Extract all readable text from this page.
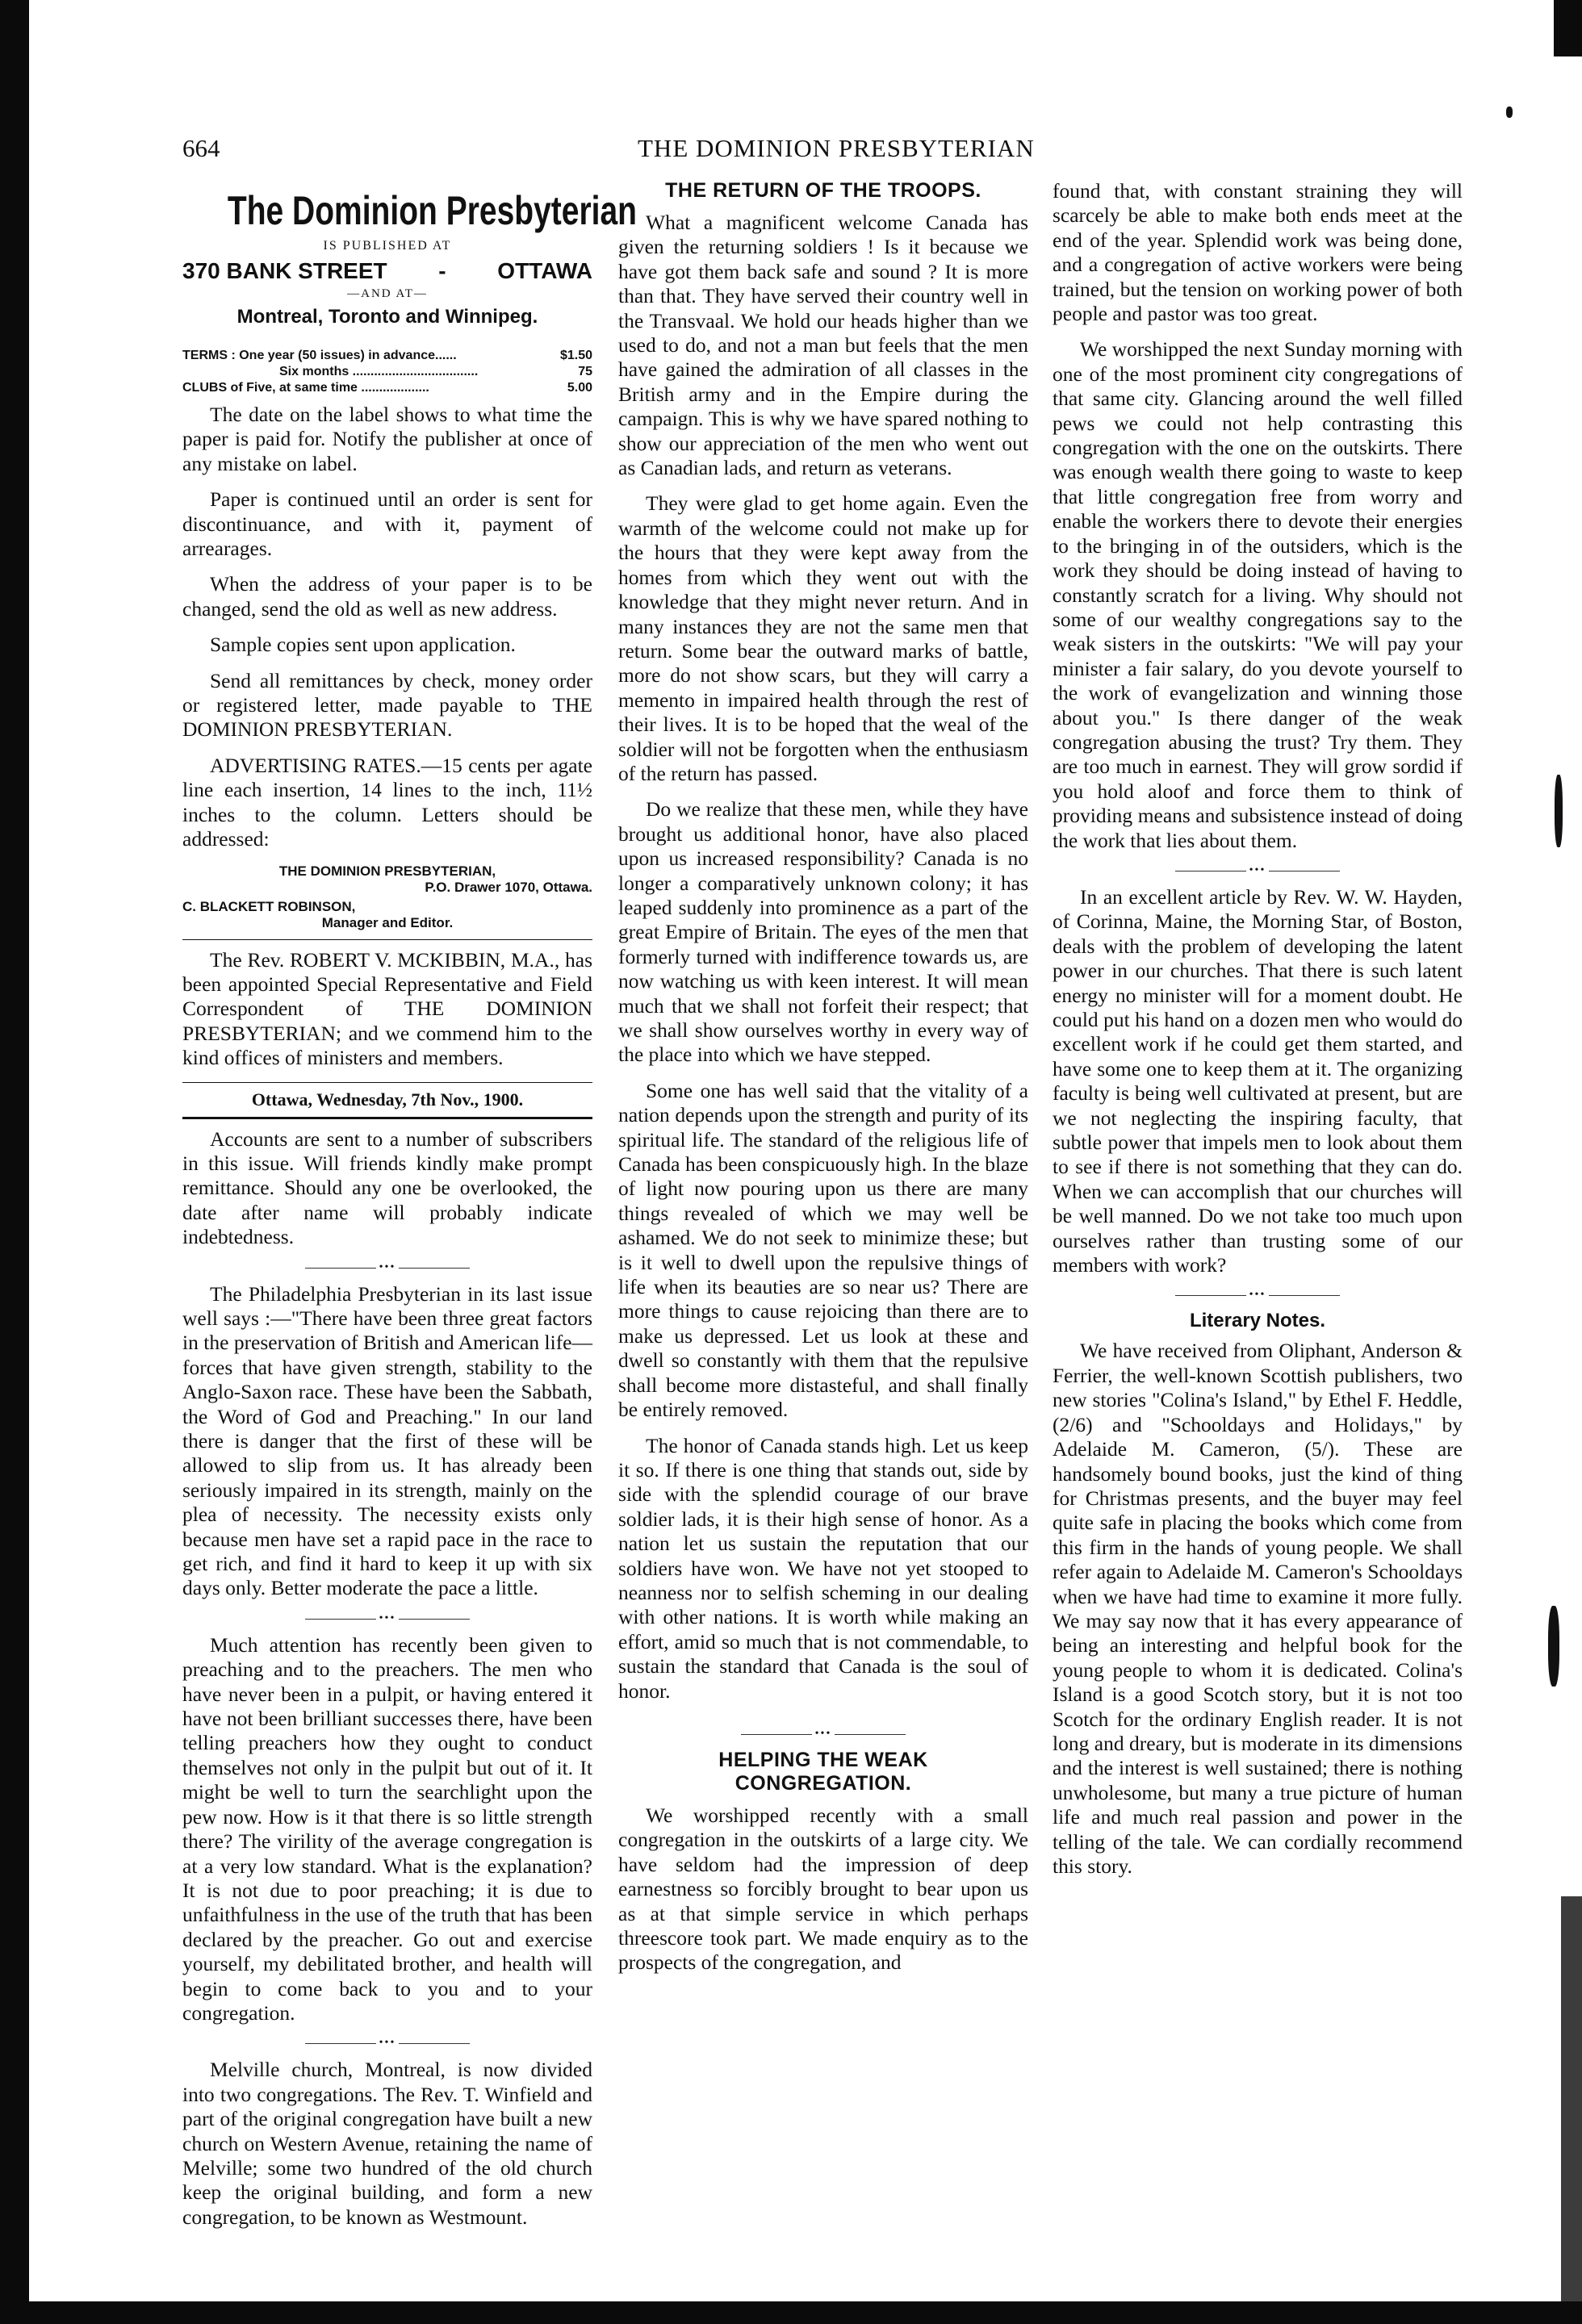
664	THE DOMINION PRESBYTERIAN
The Dominion Presbyterian
IS PUBLISHED AT
370 BANK STREET - OTTAWA
—AND AT—
Montreal, Toronto and Winnipeg.
TERMS : One year (50 issues) in advance......	$1.50
Six months ...................................	75
CLUBS of Five, at same time ...................	5.00

The date on the label shows to what time the paper is paid for. Notify the publisher at once of any mistake on label.

Paper is continued until an order is sent for discontinuance, and with it, payment of arrearages.

When the address of your paper is to be changed, send the old as well as new address.

Sample copies sent upon application.

Send all remittances by check, money order or registered letter, made payable to THE DOMINION PRESBYTERIAN.

ADVERTISING RATES.—15 cents per agate line each insertion, 14 lines to the inch, 11½ inches to the column. Letters should be addressed:

THE DOMINION PRESBYTERIAN,
P.O. Drawer 1070, Ottawa.
C. BLACKETT ROBINSON,
Manager and Editor.

The Rev. ROBERT V. MCKIBBIN, M.A., has been appointed Special Representative and Field Correspondent of THE DOMINION PRESBYTERIAN; and we commend him to the kind offices of ministers and members.

Ottawa, Wednesday, 7th Nov., 1900.

Accounts are sent to a number of subscribers in this issue. Will friends kindly make prompt remittance. Should any one be overlooked, the date after name will probably indicate indebtedness.

•••

The Philadelphia Presbyterian in its last issue well says :—"There have been three great factors in the preservation of British and American life—forces that have given strength, stability to the Anglo-Saxon race. These have been the Sabbath, the Word of God and Preaching." In our land there is danger that the first of these will be allowed to slip from us. It has already been seriously impaired in its strength, mainly on the plea of necessity. The necessity exists only because men have set a rapid pace in the race to get rich, and find it hard to keep it up with six days only. Better moderate the pace a little.

•••

Much attention has recently been given to preaching and to the preachers. The men who have never been in a pulpit, or having entered it have not been brilliant successes there, have been telling preachers how they ought to conduct themselves not only in the pulpit but out of it. It might be well to turn the searchlight upon the pew now. How is it that there is so little strength there? The virility of the average congregation is at a very low standard. What is the explanation? It is not due to poor preaching; it is due to unfaithfulness in the use of the truth that has been declared by the preacher. Go out and exercise yourself, my debilitated brother, and health will begin to come back to you and to your congregation.

•••

Melville church, Montreal, is now divided into two congregations. The Rev. T. Winfield and part of the original congregation have built a new church on Western Avenue, retaining the name of Melville; some two hundred of the old church keep the original building, and form a new congregation, to be known as Westmount.

THE RETURN OF THE TROOPS.

What a magnificent welcome Canada has given the returning soldiers ! Is it because we have got them back safe and sound ? It is more than that. They have served their country well in the Transvaal. We hold our heads higher than we used to do, and not a man but feels that the men have gained the admiration of all classes in the British army and in the Empire during the campaign. This is why we have spared nothing to show our appreciation of the men who went out as Canadian lads, and return as veterans.

They were glad to get home again. Even the warmth of the welcome could not make up for the hours that they were kept away from the homes from which they went out with the knowledge that they might never return. And in many instances they are not the same men that return. Some bear the outward marks of battle, more do not show scars, but they will carry a memento in impaired health through the rest of their lives. It is to be hoped that the weal of the soldier will not be forgotten when the enthusiasm of the return has passed.

Do we realize that these men, while they have brought us additional honor, have also placed upon us increased responsibility? Canada is no longer a comparatively unknown colony; it has leaped suddenly into prominence as a part of the great Empire of Britain. The eyes of the men that formerly turned with indifference towards us, are now watching us with keen interest. It will mean much that we shall not forfeit their respect; that we shall show ourselves worthy in every way of the place into which we have stepped.

Some one has well said that the vitality of a nation depends upon the strength and purity of its spiritual life. The standard of the religious life of Canada has been conspicuously high. In the blaze of light now pouring upon us there are many things revealed of which we may well be ashamed. We do not seek to minimize these; but is it well to dwell upon the repulsive things of life when its beauties are so near us? There are more things to cause rejoicing than there are to make us depressed. Let us look at these and dwell so constantly with them that the repulsive shall become more distasteful, and shall finally be entirely removed.

The honor of Canada stands high. Let us keep it so. If there is one thing that stands out, side by side with the splendid courage of our brave soldier lads, it is their high sense of honor. As a nation let us sustain the reputation that our soldiers have won. We have not yet stooped to neanness nor to selfish scheming in our dealing with other nations. It is worth while making an effort, amid so much that is not commendable, to sustain the standard that Canada is the soul of honor.

•••
HELPING THE WEAK CONGREGATION.

We worshipped recently with a small congregation in the outskirts of a large city. We have seldom had the impression of deep earnestness so forcibly brought to bear upon us as at that simple service in which perhaps threescore took part. We made enquiry as to the prospects of the congregation, and

found that, with constant straining they will scarcely be able to make both ends meet at the end of the year. Splendid work was being done, and a congregation of active workers were being trained, but the tension on working power of both people and pastor was too great.

We worshipped the next Sunday morning with one of the most prominent city congregations of that same city. Glancing around the well filled pews we could not help contrasting this congregation with the one on the outskirts. There was enough wealth there going to waste to keep that little congregation free from worry and enable the workers there to devote their energies to the bringing in of the outsiders, which is the work they should be doing instead of having to constantly scratch for a living. Why should not some of our wealthy congregations say to the weak sisters in the outskirts: "We will pay your minister a fair salary, do you devote yourself to the work of evangelization and winning those about you." Is there danger of the weak congregation abusing the trust? Try them. They are too much in earnest. They will grow sordid if you hold aloof and force them to think of providing means and subsistence instead of doing the work that lies about them.

•••

In an excellent article by Rev. W. W. Hayden, of Corinna, Maine, the Morning Star, of Boston, deals with the problem of developing the latent power in our churches. That there is such latent energy no minister will for a moment doubt. He could put his hand on a dozen men who would do excellent work if he could get them started, and have some one to keep them at it. The organizing faculty is being well cultivated at present, but are we not neglecting the inspiring faculty, that subtle power that impels men to look about them to see if there is not something that they can do. When we can accomplish that our churches will be well manned. Do we not take too much upon ourselves rather than trusting some of our members with work?

•••
Literary Notes.

We have received from Oliphant, Anderson & Ferrier, the well-known Scottish publishers, two new stories "Colina's Island," by Ethel F. Heddle, (2/6) and "Schooldays and Holidays," by Adelaide M. Cameron, (5/). These are handsomely bound books, just the kind of thing for Christmas presents, and the buyer may feel quite safe in placing the books which come from this firm in the hands of young people. We shall refer again to Adelaide M. Cameron's Schooldays when we have had time to examine it more fully. We may say now that it has every appearance of being an interesting and helpful book for the young people to whom it is dedicated. Colina's Island is a good Scotch story, but it is not too Scotch for the ordinary English reader. It is not long and dreary, but is moderate in its dimensions and the interest is well sustained; there is nothing unwholesome, but many a true picture of human life and much real passion and power in the telling of the tale. We can cordially recommend this story.
